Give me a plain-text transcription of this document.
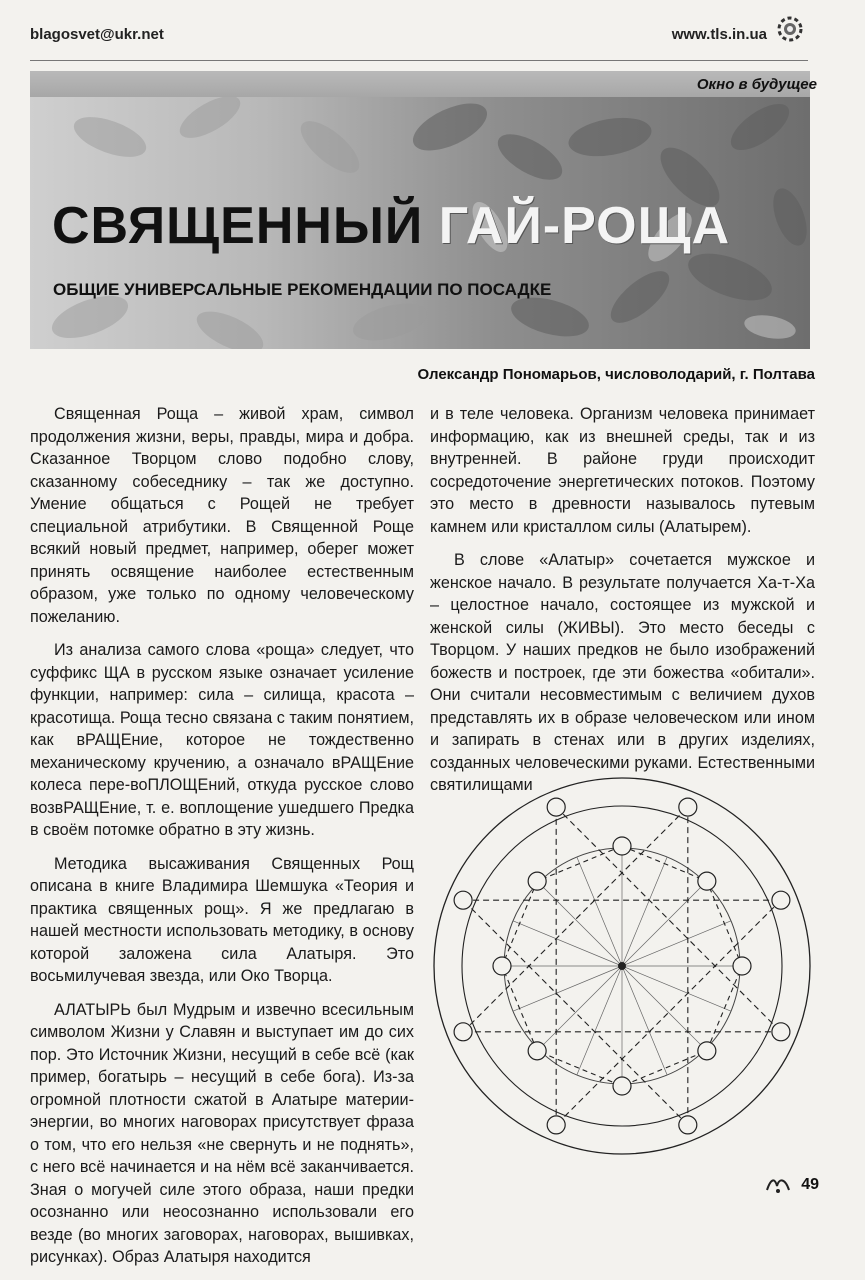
blagosvet@ukr.net	www.tls.in.ua
Окно в будущее
СВЯЩЕННЫЙ ГАЙ-РОЩА
ОБЩИЕ УНИВЕРСАЛЬНЫЕ РЕКОМЕНДАЦИИ ПО ПОСАДКЕ
Олександр Пономарьов, числоволодарий, г. Полтава

Священная Роща – живой храм, символ продолжения жизни, веры, правды, мира и добра. Сказанное Творцом слово подобно слову, сказанному собеседнику – так же доступно. Умение общаться с Рощей не требует специальной атрибутики. В Священной Роще всякий новый предмет, например, оберег может принять освящение наиболее естественным образом, уже только по одному человеческому пожеланию.

Из анализа самого слова «роща» следует, что суффикс ЩА в русском языке означает усиление функции, например: сила – силища, красота – красотища. Роща тесно связана с таким понятием, как вРАЩЕние, которое не тождественно механическому кручению, а означало вРАЩЕние колеса пере-воПЛОЩЕний, откуда русское слово возвРАЩЕние, т. е. воплощение ушедшего Предка в своём потомке обратно в эту жизнь.

Методика высаживания Священных Рощ описана в книге Владимира Шемшука «Теория и практика священных рощ». Я же предлагаю в нашей местности использовать методику, в основу которой заложена сила Алатыря. Это восьмилучевая звезда, или Око Творца.

АЛАТЫРЬ был Мудрым и извечно всесильным символом Жизни у Славян и выступает им до сих пор. Это Источник Жизни, несущий в себе всё (как пример, богатырь – несущий в себе бога). Из-за огромной плотности сжатой в Алатыре материи-энергии, во многих наговорах присутствует фраза о том, что его нельзя «не свернуть и не поднять», с него всё начинается и на нём всё заканчивается. Зная о могучей силе этого образа, наши предки осознанно или неосознанно использовали его везде (во многих заговорах, наговорах, вышивках, рисунках). Образ Алатыря находится

и в теле человека. Организм человека принимает информацию, как из внешней среды, так и из внутренней. В районе груди происходит сосредоточение энергетических потоков. Поэтому это место в древности называлось путевым камнем или кристаллом силы (Алатырем).

В слове «Алатыр» сочетается мужское и женское начало. В результате получается Ха-т-Ха – целостное начало, состоящее из мужской и женской силы (ЖИВЫ). Это место беседы с Творцом. У наших предков не было изображений божеств и построек, где эти божества «обитали». Они считали несовместимым с величием духов представлять их в образе человеческом или ином и запирать в стенах или в других изделиях, созданных человеческими руками. Естественными святилищами

49
